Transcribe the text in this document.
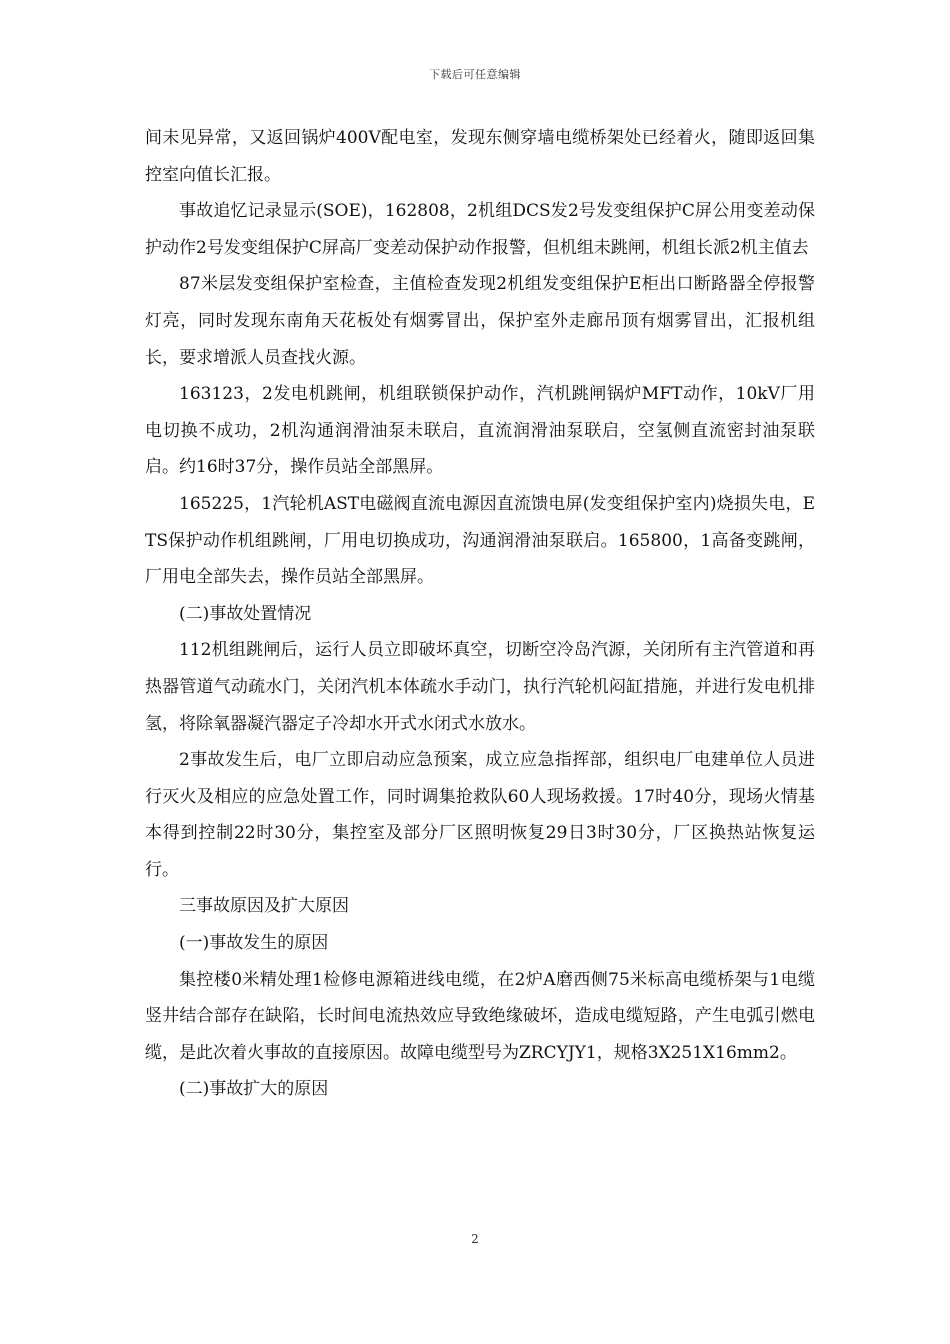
下载后可任意编辑

间未见异常，又返回锅炉400V配电室，发现东侧穿墙电缆桥架处已经着火，随即返回集控室向值长汇报。

事故追忆记录显示(SOE)，162808，2机组DCS发2号发变组保护C屏公用变差动保护动作2号发变组保护C屏高厂变差动保护动作报警，但机组未跳闸，机组长派2机主值去

87米层发变组保护室检查，主值检查发现2机组发变组保护E柜出口断路器全停报警灯亮，同时发现东南角天花板处有烟雾冒出，保护室外走廊吊顶有烟雾冒出，汇报机组长，要求增派人员查找火源。

163123，2发电机跳闸，机组联锁保护动作，汽机跳闸锅炉MFT动作，10kV厂用电切换不成功，2机沟通润滑油泵未联启，直流润滑油泵联启，空氢侧直流密封油泵联启。约16时37分，操作员站全部黑屏。

165225，1汽轮机AST电磁阀直流电源因直流馈电屏(发变组保护室内)烧损失电，ETS保护动作机组跳闸，厂用电切换成功，沟通润滑油泵联启。165800，1高备变跳闸，厂用电全部失去，操作员站全部黑屏。

(二)事故处置情况

112机组跳闸后，运行人员立即破坏真空，切断空冷岛汽源，关闭所有主汽管道和再热器管道气动疏水门，关闭汽机本体疏水手动门，执行汽轮机闷缸措施，并进行发电机排氢，将除氧器凝汽器定子冷却水开式水闭式水放水。

2事故发生后，电厂立即启动应急预案，成立应急指挥部，组织电厂电建单位人员进行灭火及相应的应急处置工作，同时调集抢救队60人现场救援。17时40分，现场火情基本得到控制22时30分，集控室及部分厂区照明恢复29日3时30分，厂区换热站恢复运行。

三事故原因及扩大原因

(一)事故发生的原因

集控楼0米精处理1检修电源箱进线电缆，在2炉A磨西侧75米标高电缆桥架与1电缆竖井结合部存在缺陷，长时间电流热效应导致绝缘破坏，造成电缆短路，产生电弧引燃电缆，是此次着火事故的直接原因。故障电缆型号为ZRCYJY1，规格3X251X16mm2。

(二)事故扩大的原因

2
